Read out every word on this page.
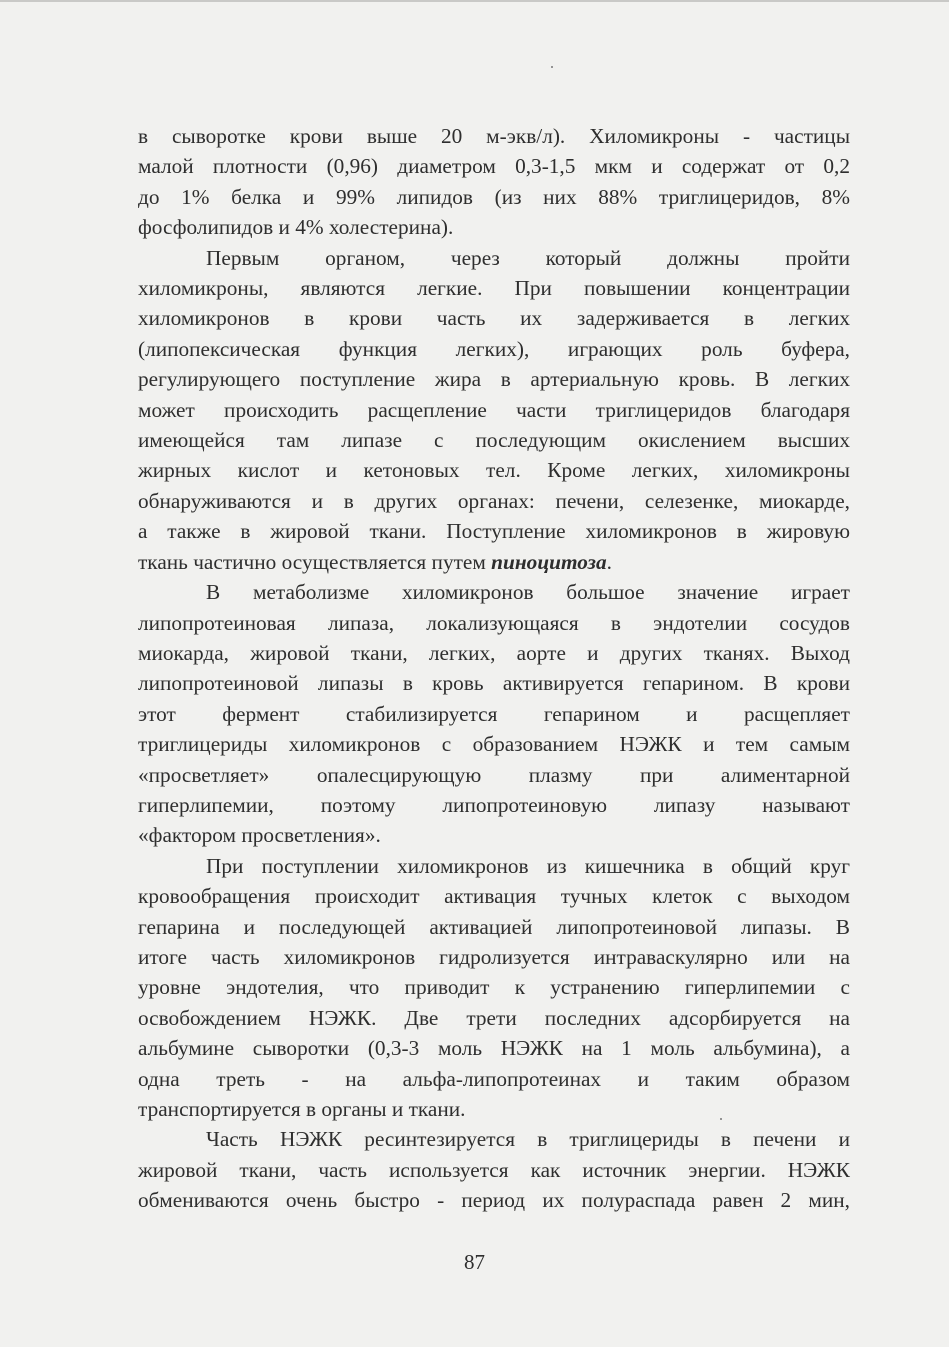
в сыворотке крови выше 20 м-экв/л). Хиломикроны - частицы
малой плотности (0,96) диаметром 0,3-1,5 мкм и содержат от 0,2
до 1% белка и 99% липидов (из них 88% триглицеридов, 8%
фосфолипидов и 4% холестерина).
Первым органом, через который должны пройти
хиломикроны, являются легкие. При повышении концентрации
хиломикронов в крови часть их задерживается в легких
(липопексическая функция легких), играющих роль буфера,
регулирующего поступление жира в артериальную кровь. В легких
может происходить расщепление части триглицеридов благодаря
имеющейся там липазе с последующим окислением высших
жирных кислот и кетоновых тел. Кроме легких, хиломикроны
обнаруживаются и в других органах: печени, селезенке, миокарде,
а также в жировой ткани. Поступление хиломикронов в жировую
ткань частично осуществляется путем пиноцитоза.
В метаболизме хиломикронов большое значение играет
липопротеиновая липаза, локализующаяся в эндотелии сосудов
миокарда, жировой ткани, легких, аорте и других тканях. Выход
липопротеиновой липазы в кровь активируется гепарином. В крови
этот фермент стабилизируется гепарином и расщепляет
триглицериды хиломикронов с образованием НЭЖК и тем самым
«просветляет» опалесцирующую плазму при алиментарной
гиперлипемии, поэтому липопротеиновую липазу называют
«фактором просветления».
При поступлении хиломикронов из кишечника в общий круг
кровообращения происходит активация тучных клеток с выходом
гепарина и последующей активацией липопротеиновой липазы. В
итоге часть хиломикронов гидролизуется интраваскулярно или на
уровне эндотелия, что приводит к устранению гиперлипемии с
освобождением НЭЖК. Две трети последних адсорбируется на
альбумине сыворотки (0,3-3 моль НЭЖК на 1 моль альбумина), а
одна треть - на альфа-липопротеинах и таким образом
транспортируется в органы и ткани.
Часть НЭЖК ресинтезируется в триглицериды в печени и
жировой ткани, часть используется как источник энергии. НЭЖК
обмениваются очень быстро - период их полураспада равен 2 мин,
87
